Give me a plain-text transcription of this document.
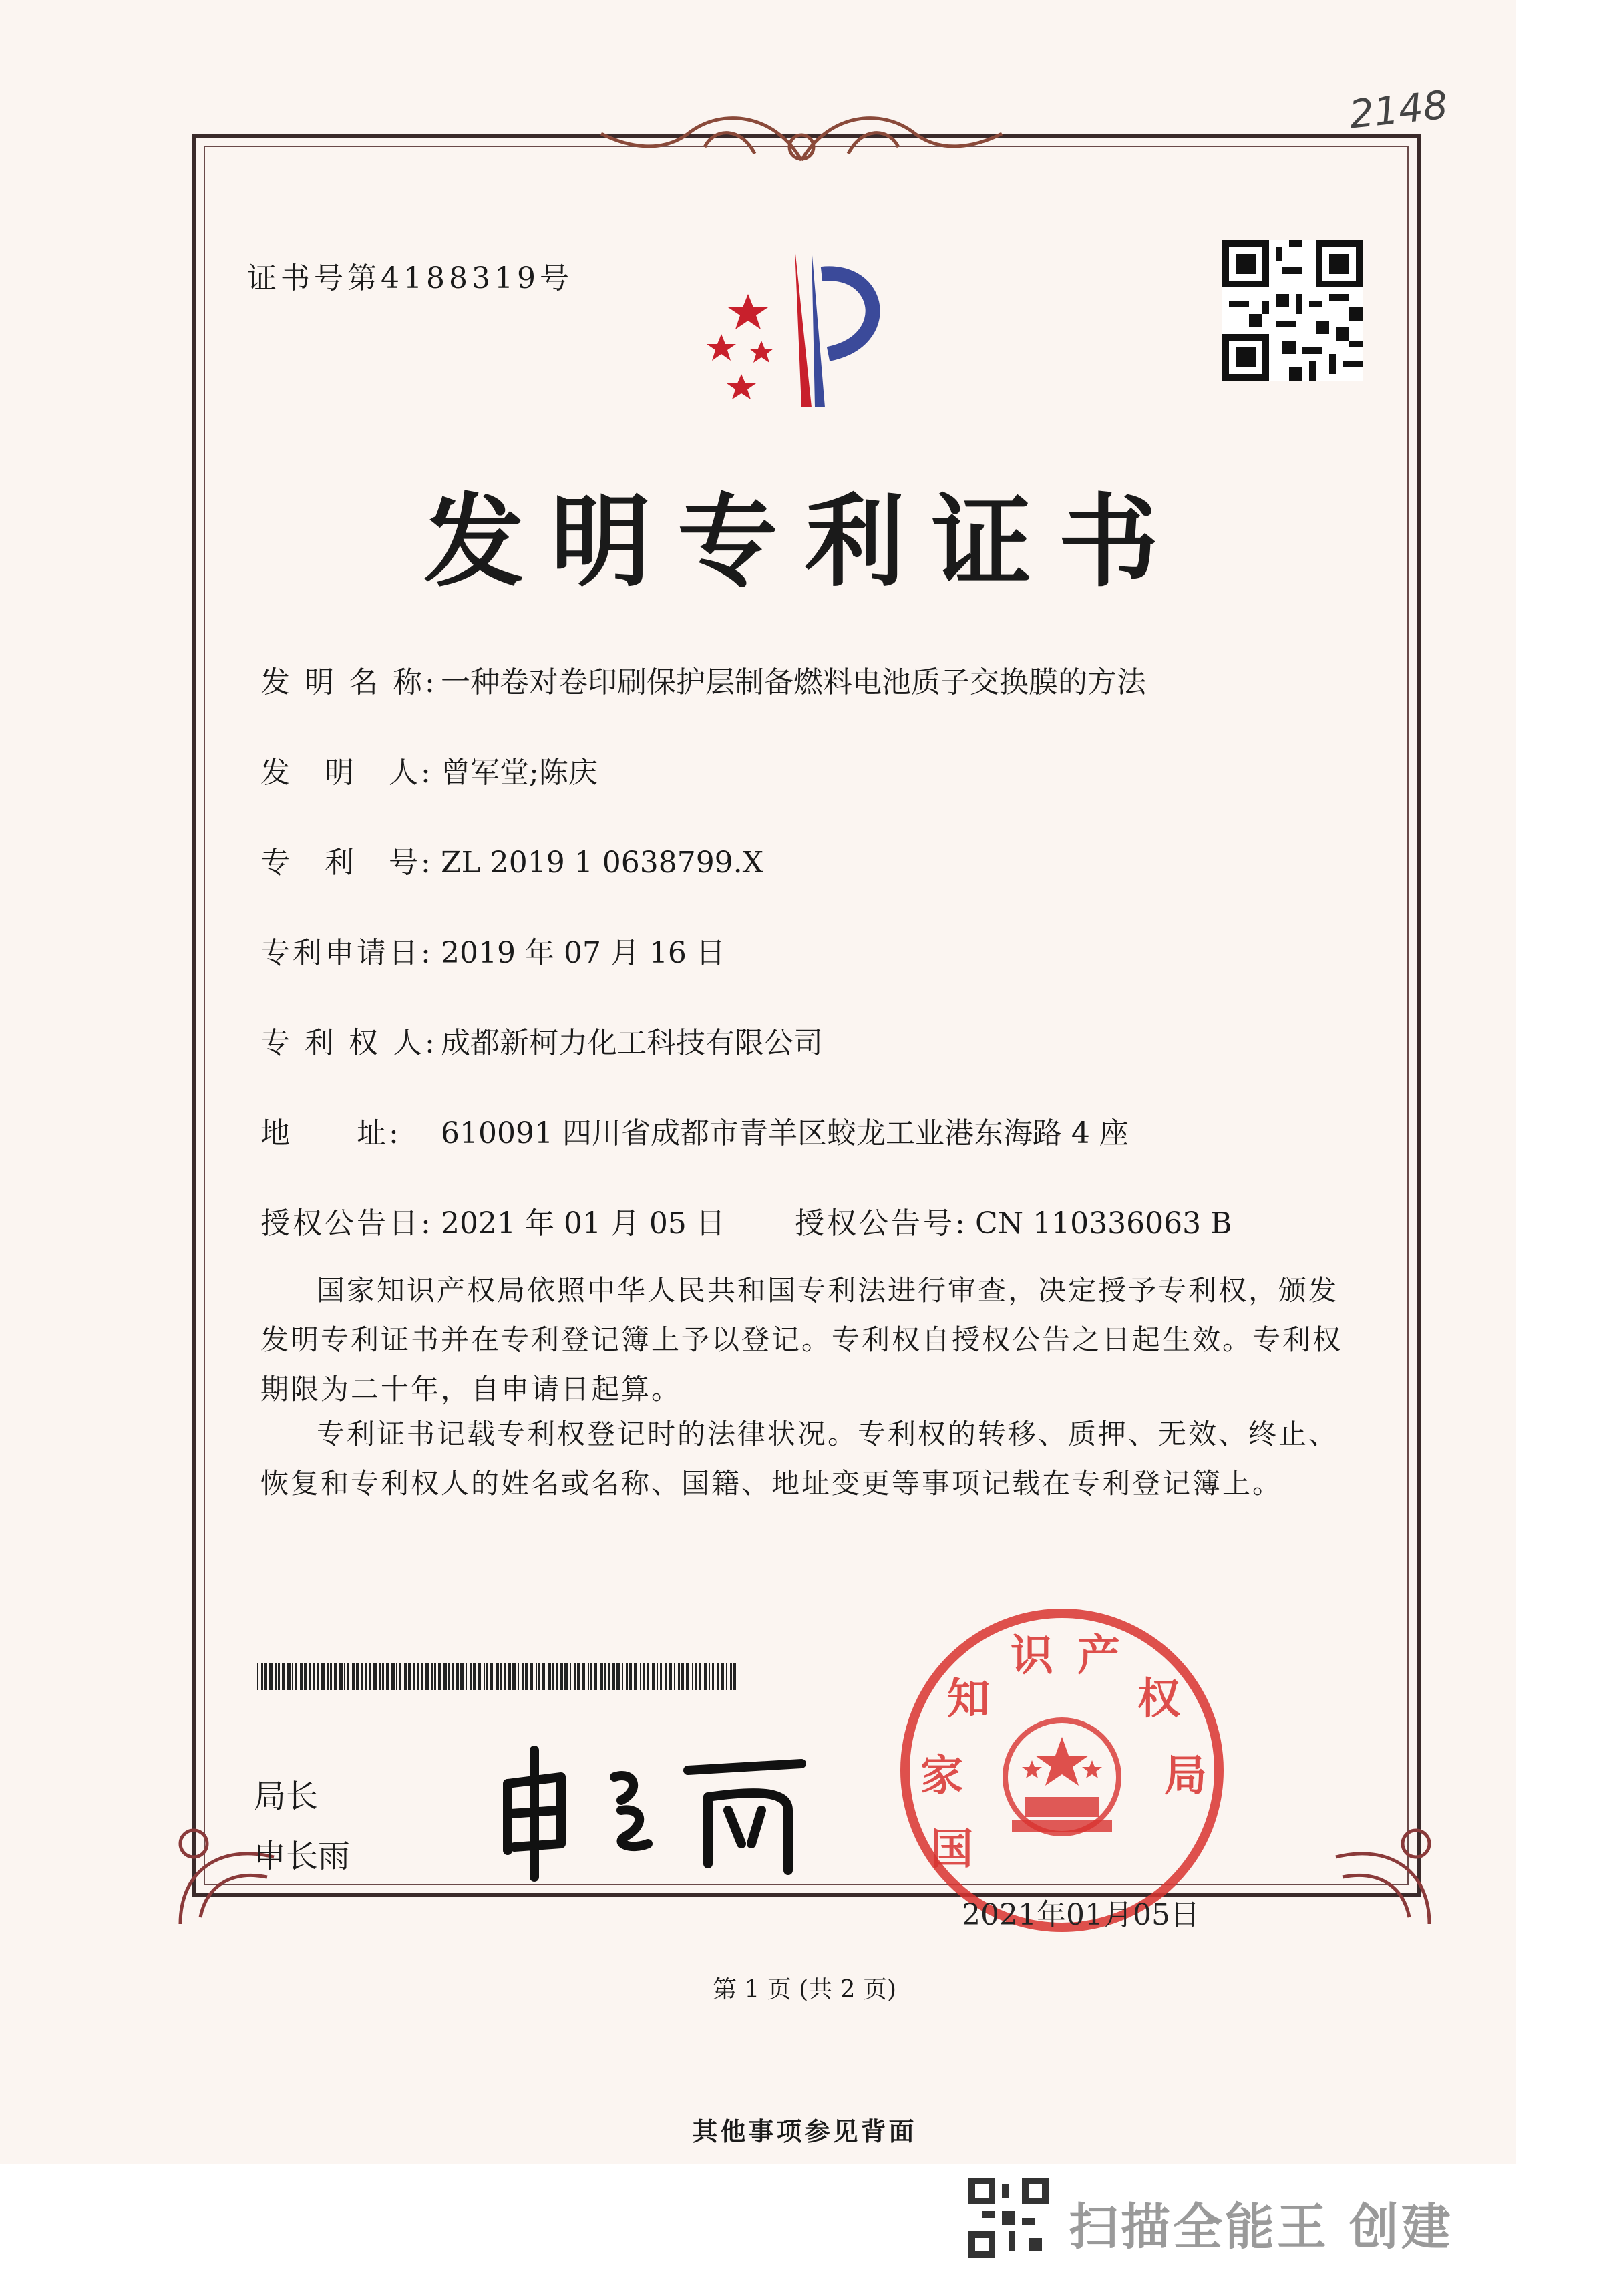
2148
证书号第4188319号
发明专利证书
发 明 名 称: 一种卷对卷印刷保护层制备燃料电池质子交换膜的方法
发　明　人: 曾军堂;陈庆
专　利　号: ZL 2019 1 0638799.X
专利申请日: 2019 年 07 月 16 日
专 利 权 人: 成都新柯力化工科技有限公司
地　　址: 610091 四川省成都市青羊区蛟龙工业港东海路 4 座
授权公告日: 2021 年 01 月 05 日 授权公告号: CN 110336063 B
国家知识产权局依照中华人民共和国专利法进行审查，决定授予专利权，颁发发明专利证书并在专利登记簿上予以登记。专利权自授权公告之日起生效。专利权期限为二十年，自申请日起算。
专利证书记载专利权登记时的法律状况。专利权的转移、质押、无效、终止、恢复和专利权人的姓名或名称、国籍、地址变更等事项记载在专利登记簿上。
局长
申长雨	国
家
知
识 产
权
局
2021年01月05日
第 1 页 (共 2 页)
其他事项参见背面
扫描全能王 创建
